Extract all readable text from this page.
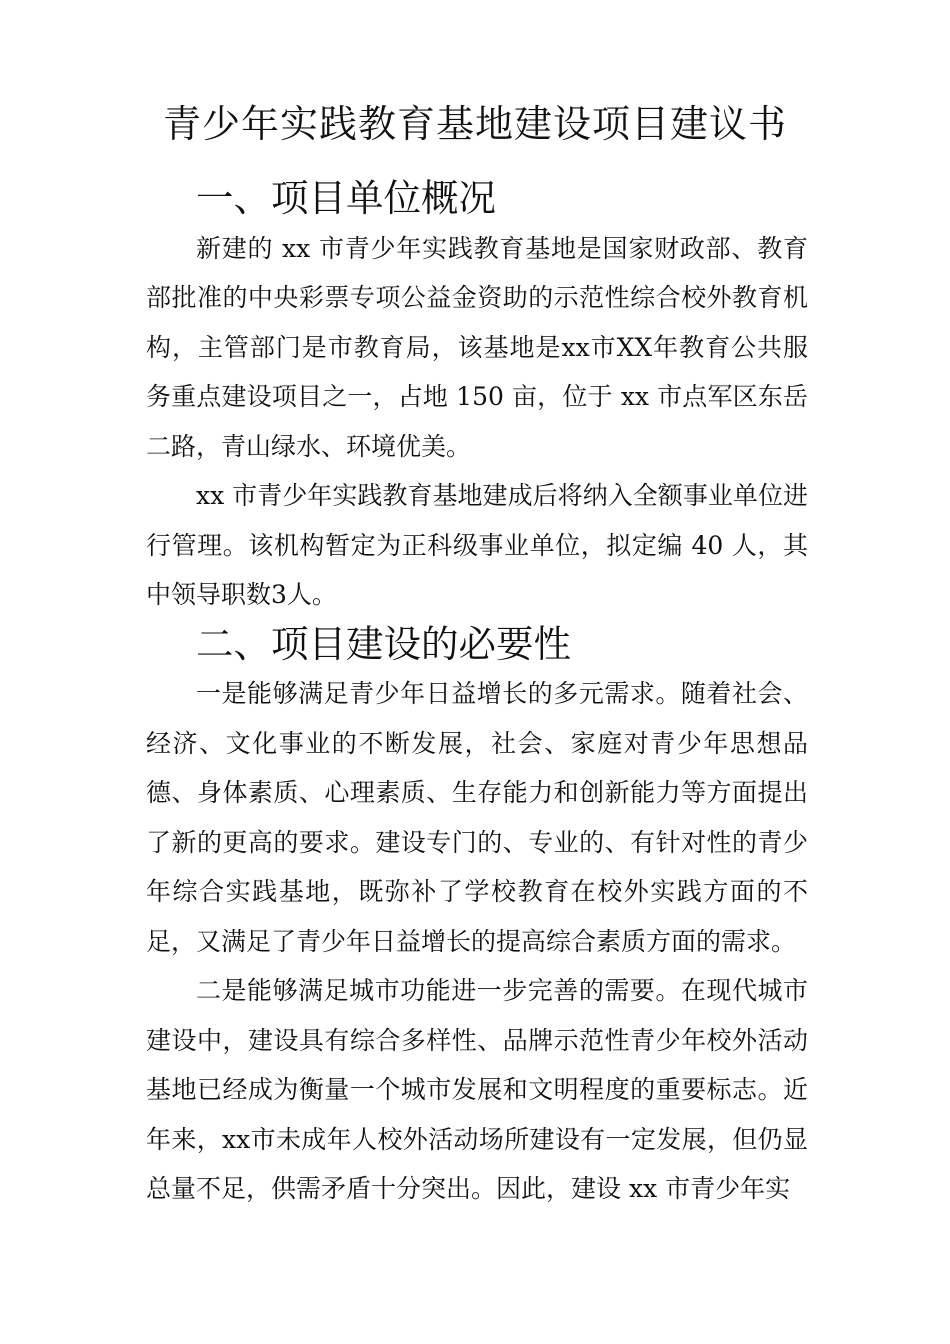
青少年实践教育基地建设项目建议书
一、项目单位概况

新建的 xx 市青少年实践教育基地是国家财政部、教育部批准的中央彩票专项公益金资助的示范性综合校外教育机构，主管部门是市教育局，该基地是xx市XX年教育公共服务重点建设项目之一，占地 150 亩，位于 xx 市点军区东岳二路，青山绿水、环境优美。

xx 市青少年实践教育基地建成后将纳入全额事业单位进行管理。该机构暂定为正科级事业单位，拟定编 40 人，其中领导职数3人。

二、项目建设的必要性

一是能够满足青少年日益增长的多元需求。随着社会、经济、文化事业的不断发展，社会、家庭对青少年思想品德、身体素质、心理素质、生存能力和创新能力等方面提出了新的更高的要求。建设专门的、专业的、有针对性的青少年综合实践基地，既弥补了学校教育在校外实践方面的不足，又满足了青少年日益增长的提高综合素质方面的需求。

二是能够满足城市功能进一步完善的需要。在现代城市建设中，建设具有综合多样性、品牌示范性青少年校外活动基地已经成为衡量一个城市发展和文明程度的重要标志。近年来，xx市未成年人校外活动场所建设有一定发展，但仍显总量不足，供需矛盾十分突出。因此，建设 xx 市青少年实
